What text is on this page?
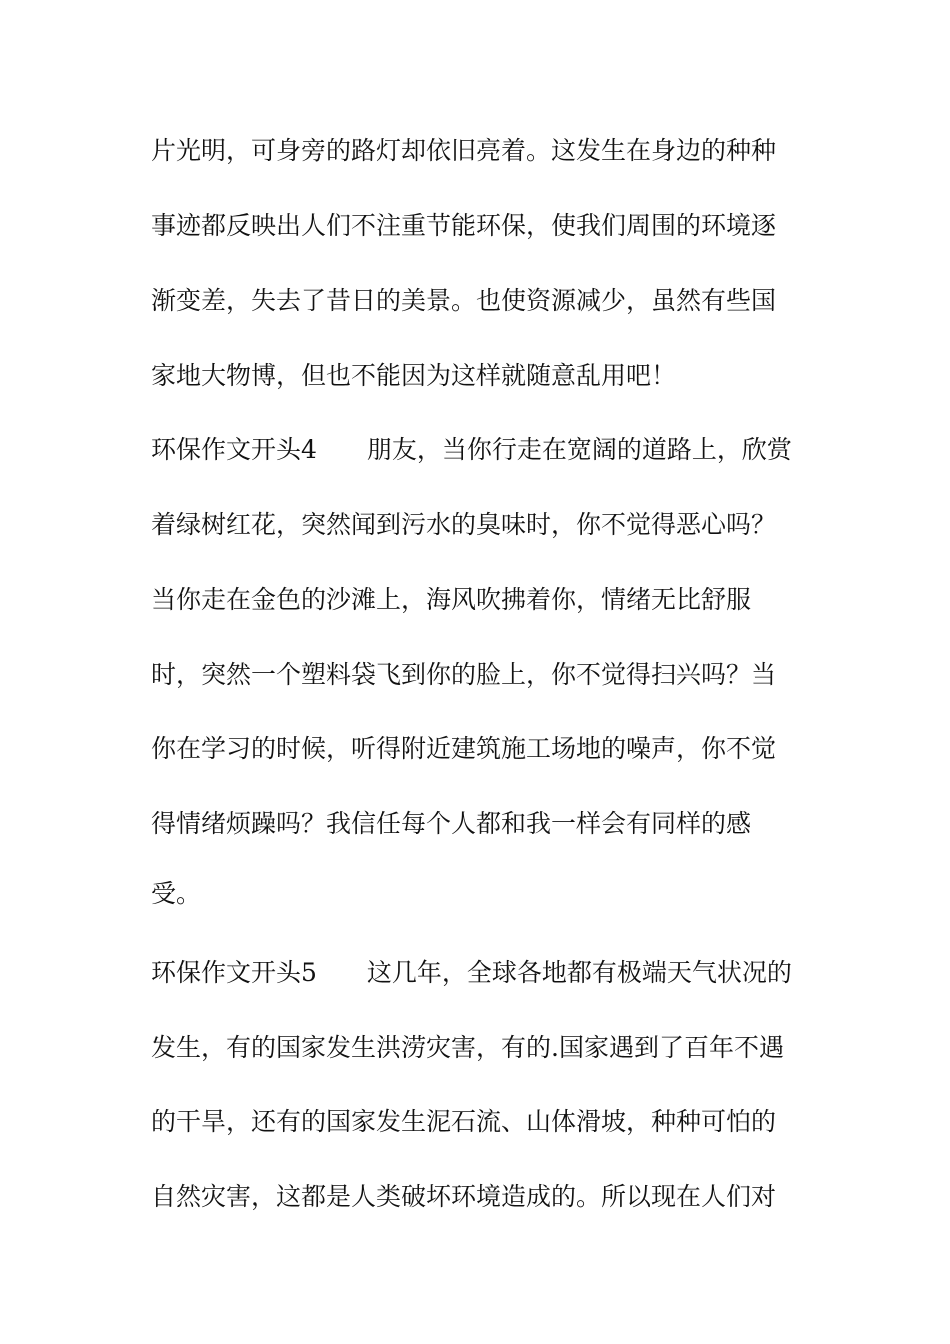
片光明，可身旁的路灯却依旧亮着。这发生在身边的种种
事迹都反映出人们不注重节能环保，使我们周围的环境逐
渐变差，失去了昔日的美景。也使资源减少，虽然有些国
家地大物博，但也不能因为这样就随意乱用吧！
环保作文开头4　　朋友，当你行走在宽阔的道路上，欣赏
着绿树红花，突然闻到污水的臭味时，你不觉得恶心吗？
当你走在金色的沙滩上，海风吹拂着你，情绪无比舒服
时，突然一个塑料袋飞到你的脸上，你不觉得扫兴吗？当
你在学习的时候，听得附近建筑施工场地的噪声，你不觉
得情绪烦躁吗？我信任每个人都和我一样会有同样的感
受。
环保作文开头5　　这几年，全球各地都有极端天气状况的
发生，有的国家发生洪涝灾害，有的.国家遇到了百年不遇
的干旱，还有的国家发生泥石流、山体滑坡，种种可怕的
自然灾害，这都是人类破坏环境造成的。所以现在人们对
